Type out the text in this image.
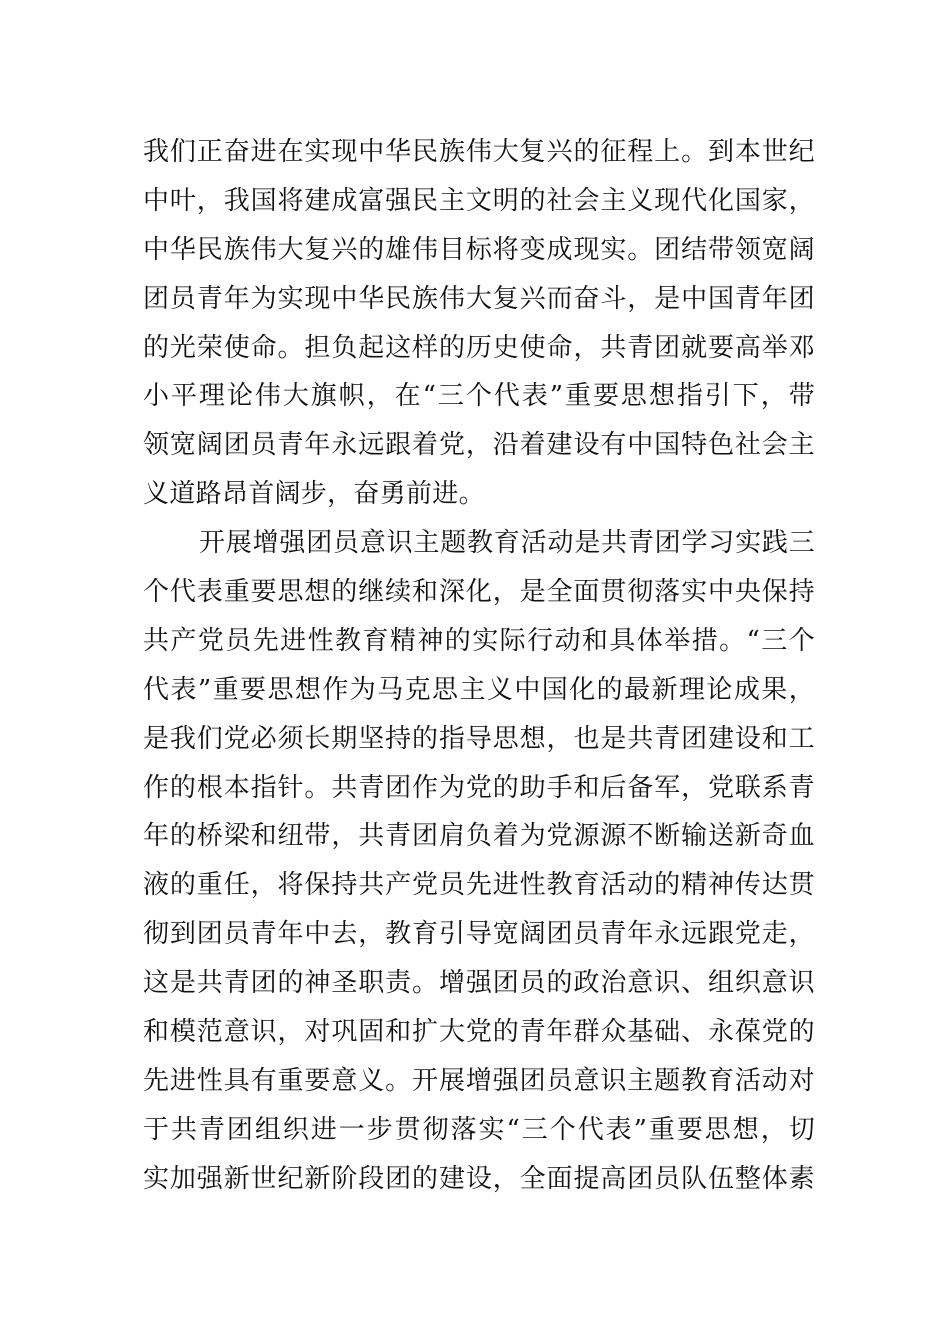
我们正奋进在实现中华民族伟大复兴的征程上。到本世纪
中叶，我国将建成富强民主文明的社会主义现代化国家，
中华民族伟大复兴的雄伟目标将变成现实。团结带领宽阔
团员青年为实现中华民族伟大复兴而奋斗，是中国青年团
的光荣使命。担负起这样的历史使命，共青团就要高举邓
小平理论伟大旗帜，在“三个代表”重要思想指引下，带
领宽阔团员青年永远跟着党，沿着建设有中国特色社会主
义道路昂首阔步，奋勇前进。
开展增强团员意识主题教育活动是共青团学习实践三
个代表重要思想的继续和深化，是全面贯彻落实中央保持
共产党员先进性教育精神的实际行动和具体举措。“三个
代表”重要思想作为马克思主义中国化的最新理论成果，
是我们党必须长期坚持的指导思想，也是共青团建设和工
作的根本指针。共青团作为党的助手和后备军，党联系青
年的桥梁和纽带，共青团肩负着为党源源不断输送新奇血
液的重任，将保持共产党员先进性教育活动的精神传达贯
彻到团员青年中去，教育引导宽阔团员青年永远跟党走，
这是共青团的神圣职责。增强团员的政治意识、组织意识
和模范意识，对巩固和扩大党的青年群众基础、永葆党的
先进性具有重要意义。开展增强团员意识主题教育活动对
于共青团组织进一步贯彻落实“三个代表”重要思想，切
实加强新世纪新阶段团的建设，全面提高团员队伍整体素
